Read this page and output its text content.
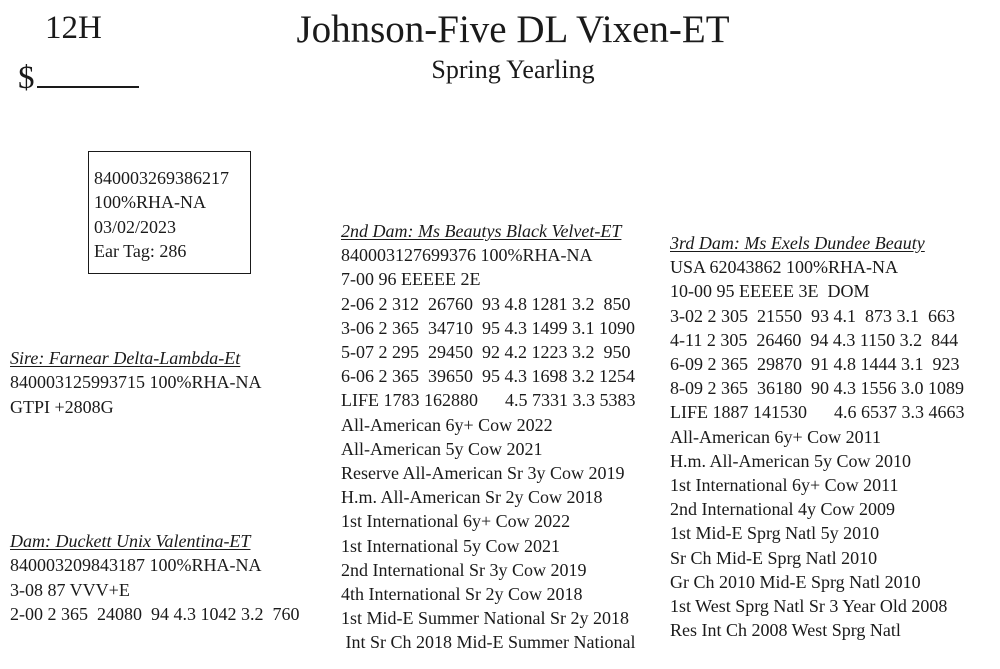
12H
$
Johnson-Five DL Vixen-ET
Spring Yearling
840003269386217
100%RHA-NA
03/02/2023
Ear Tag: 286
Sire: Farnear Delta-Lambda-Et
840003125993715 100%RHA-NA
GTPI +2808G
Dam: Duckett Unix Valentina-ET
840003209843187 100%RHA-NA
3-08 87 VVV+E
2-00 2 365  24080  94 4.3 1042 3.2  760
2nd Dam: Ms Beautys Black Velvet-ET
840003127699376 100%RHA-NA
7-00 96 EEEEE 2E
2-06 2 312  26760  93 4.8 1281 3.2  850
3-06 2 365  34710  95 4.3 1499 3.1 1090
5-07 2 295  29450  92 4.2 1223 3.2  950
6-06 2 365  39650  95 4.3 1698 3.2 1254
LIFE 1783 162880      4.5 7331 3.3 5383
All-American 6y+ Cow 2022
All-American 5y Cow 2021
Reserve All-American Sr 3y Cow 2019
H.m. All-American Sr 2y Cow 2018
1st International 6y+ Cow 2022
1st International 5y Cow 2021
2nd International Sr 3y Cow 2019
4th International Sr 2y Cow 2018
1st Mid-E Summer National Sr 2y 2018
Int Sr Ch 2018 Mid-E Summer National
3rd Dam: Ms Exels Dundee Beauty
USA 62043862 100%RHA-NA
10-00 95 EEEEE 3E  DOM
3-02 2 305  21550  93 4.1  873 3.1  663
4-11 2 305  26460  94 4.3 1150 3.2  844
6-09 2 365  29870  91 4.8 1444 3.1  923
8-09 2 365  36180  90 4.3 1556 3.0 1089
LIFE 1887 141530      4.6 6537 3.3 4663
All-American 6y+ Cow 2011
H.m. All-American 5y Cow 2010
1st International 6y+ Cow 2011
2nd International 4y Cow 2009
1st Mid-E Sprg Natl 5y 2010
Sr Ch Mid-E Sprg Natl 2010
Gr Ch 2010 Mid-E Sprg Natl 2010
1st West Sprg Natl Sr 3 Year Old 2008
Res Int Ch 2008 West Sprg Natl
